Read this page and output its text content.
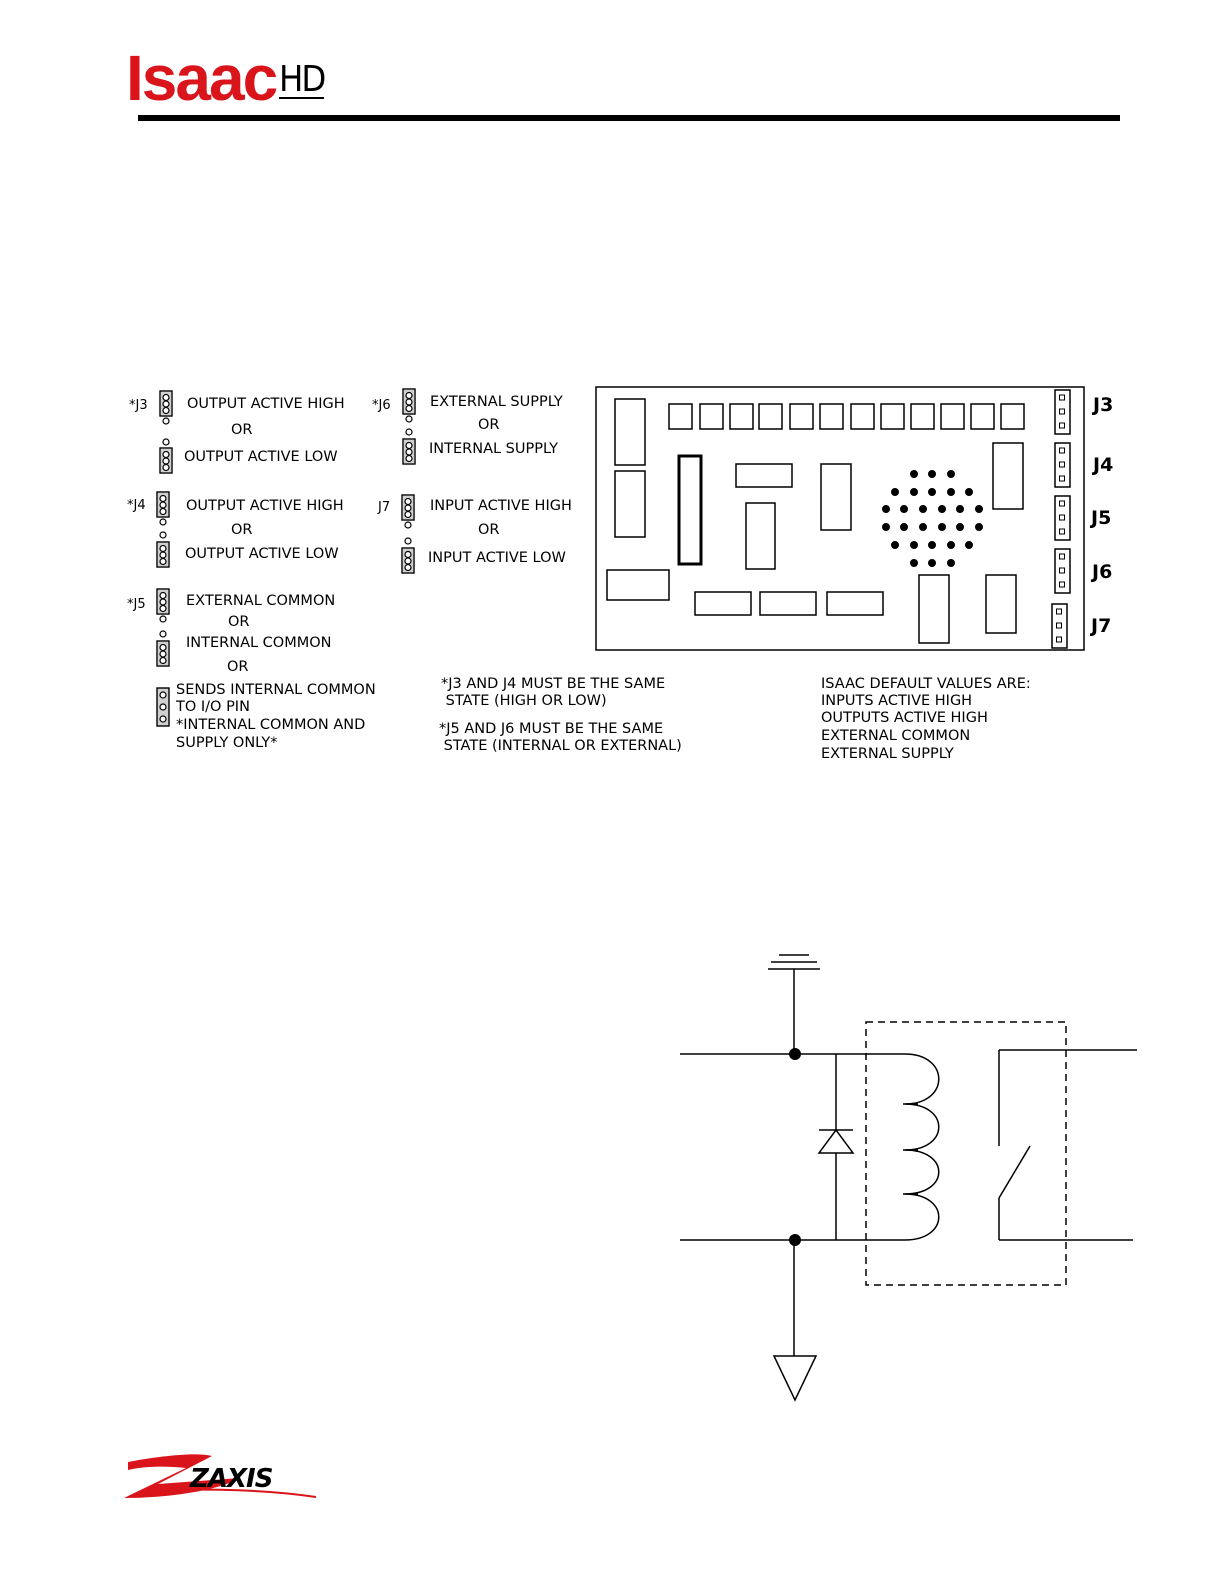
Isaac HD
*J3	OUTPUT ACTIVE HIGH
OR
OUTPUT ACTIVE LOW
*J4	OUTPUT ACTIVE HIGH
OR
OUTPUT ACTIVE LOW
*J5	EXTERNAL COMMON
OR
INTERNAL COMMON
OR
SENDS INTERNAL COMMON
TO I/O PIN
*INTERNAL COMMON AND
SUPPLY ONLY*
*J6	EXTERNAL SUPPLY
OR
INTERNAL SUPPLY
J7	INPUT ACTIVE HIGH
OR
INPUT ACTIVE LOW
J3
J4
J5
J6
J7
*J3 AND J4 MUST BE THE SAME
STATE (HIGH OR LOW)
*J5 AND J6 MUST BE THE SAME
STATE (INTERNAL OR EXTERNAL)
ISAAC DEFAULT VALUES ARE:
INPUTS ACTIVE HIGH
OUTPUTS ACTIVE HIGH
EXTERNAL COMMON
EXTERNAL SUPPLY
ZAXIS
